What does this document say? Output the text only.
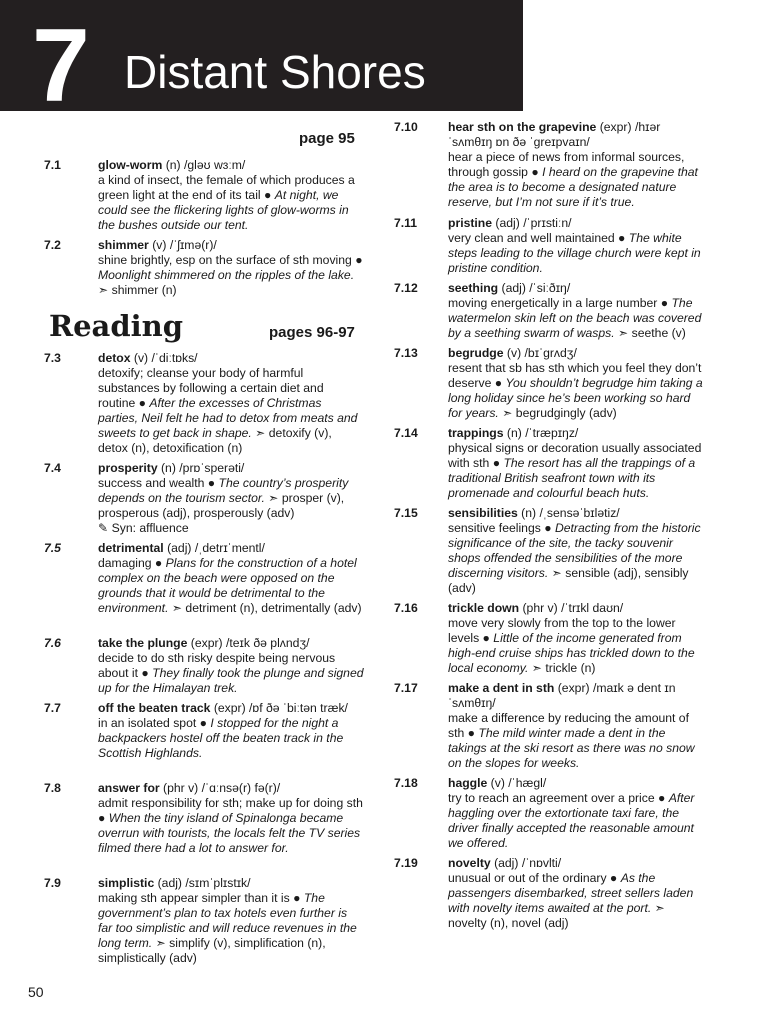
7 Distant Shores
page 95
Reading	pages 96-97
7.1	glow-worm (n) /ɡləʊ wɜːm/
a kind of insect, the female of which produces a green light at the end of its tail ● At night, we could see the flickering lights of glow-worms in the bushes outside our tent.
7.2	shimmer (v) /ˈʃɪmə(r)/
shine brightly, esp on the surface of sth moving ● Moonlight shimmered on the ripples of the lake. ➣ shimmer (n)
7.3	detox (v) /ˈdiːtɒks/
detoxify; cleanse your body of harmful substances by following a certain diet and routine ● After the excesses of Christmas parties, Neil felt he had to detox from meats and sweets to get back in shape. ➣ detoxify (v), detox (n), detoxification (n)
7.4	prosperity (n) /prɒˈsperəti/
success and wealth ● The country’s prosperity depends on the tourism sector. ➣ prosper (v), prosperous (adj), prosperously (adv)
✎ Syn: affluence
7.5	detrimental (adj) /ˌdetrɪˈmentl/
damaging ● Plans for the construction of a hotel complex on the beach were opposed on the grounds that it would be detrimental to the environment. ➣ detriment (n), detrimentally (adv)
7.6	take the plunge (expr) /teɪk ðə plʌndʒ/
decide to do sth risky despite being nervous about it ● They finally took the plunge and signed up for the Himalayan trek.
7.7	off the beaten track (expr) /ɒf ðə ˈbiːtən træk/
in an isolated spot ● I stopped for the night a backpackers hostel off the beaten track in the Scottish Highlands.
7.8	answer for (phr v) /ˈɑːnsə(r) fə(r)/
admit responsibility for sth; make up for doing sth ● When the tiny island of Spinalonga became overrun with tourists, the locals felt the TV series filmed there had a lot to answer for.
7.9	simplistic (adj) /sɪmˈplɪstɪk/
making sth appear simpler than it is ● The government’s plan to tax hotels even further is far too simplistic and will reduce revenues in the long term. ➣ simplify (v), simplification (n), simplistically (adv)
7.10	hear sth on the grapevine (expr) /hɪər ˈsʌmθɪŋ ɒn ðə ˈɡreɪpvaɪn/
hear a piece of news from informal sources, through gossip ● I heard on the grapevine that the area is to become a designated nature reserve, but I’m not sure if it’s true.
7.11	pristine (adj) /ˈprɪstiːn/
very clean and well maintained ● The white steps leading to the village church were kept in pristine condition.
7.12	seething (adj) /ˈsiːðɪŋ/
moving energetically in a large number ● The watermelon skin left on the beach was covered by a seething swarm of wasps. ➣ seethe (v)
7.13	begrudge (v) /bɪˈɡrʌdʒ/
resent that sb has sth which you feel they don’t deserve ● You shouldn’t begrudge him taking a long holiday since he’s been working so hard for years. ➣ begrudgingly (adv)
7.14	trappings (n) /ˈtræpɪŋz/
physical signs or decoration usually associated with sth ● The resort has all the trappings of a traditional British seafront town with its promenade and colourful beach huts.
7.15	sensibilities (n) /ˌsensəˈbɪlətiz/
sensitive feelings ● Detracting from the historic significance of the site, the tacky souvenir shops offended the sensibilities of the more discerning visitors. ➣ sensible (adj), sensibly (adv)
7.16	trickle down (phr v) /ˈtrɪkl daʊn/
move very slowly from the top to the lower levels ● Little of the income generated from high-end cruise ships has trickled down to the local economy. ➣ trickle (n)
7.17	make a dent in sth (expr) /maɪk ə dent ɪn ˈsʌmθɪŋ/
make a difference by reducing the amount of sth ● The mild winter made a dent in the takings at the ski resort as there was no snow on the slopes for weeks.
7.18	haggle (v) /ˈhæɡl/
try to reach an agreement over a price ● After haggling over the extortionate taxi fare, the driver finally accepted the reasonable amount we offered.
7.19	novelty (adj) /ˈnɒvlti/
unusual or out of the ordinary ● As the passengers disembarked, street sellers laden with novelty items awaited at the port. ➣ novelty (n), novel (adj)
50
